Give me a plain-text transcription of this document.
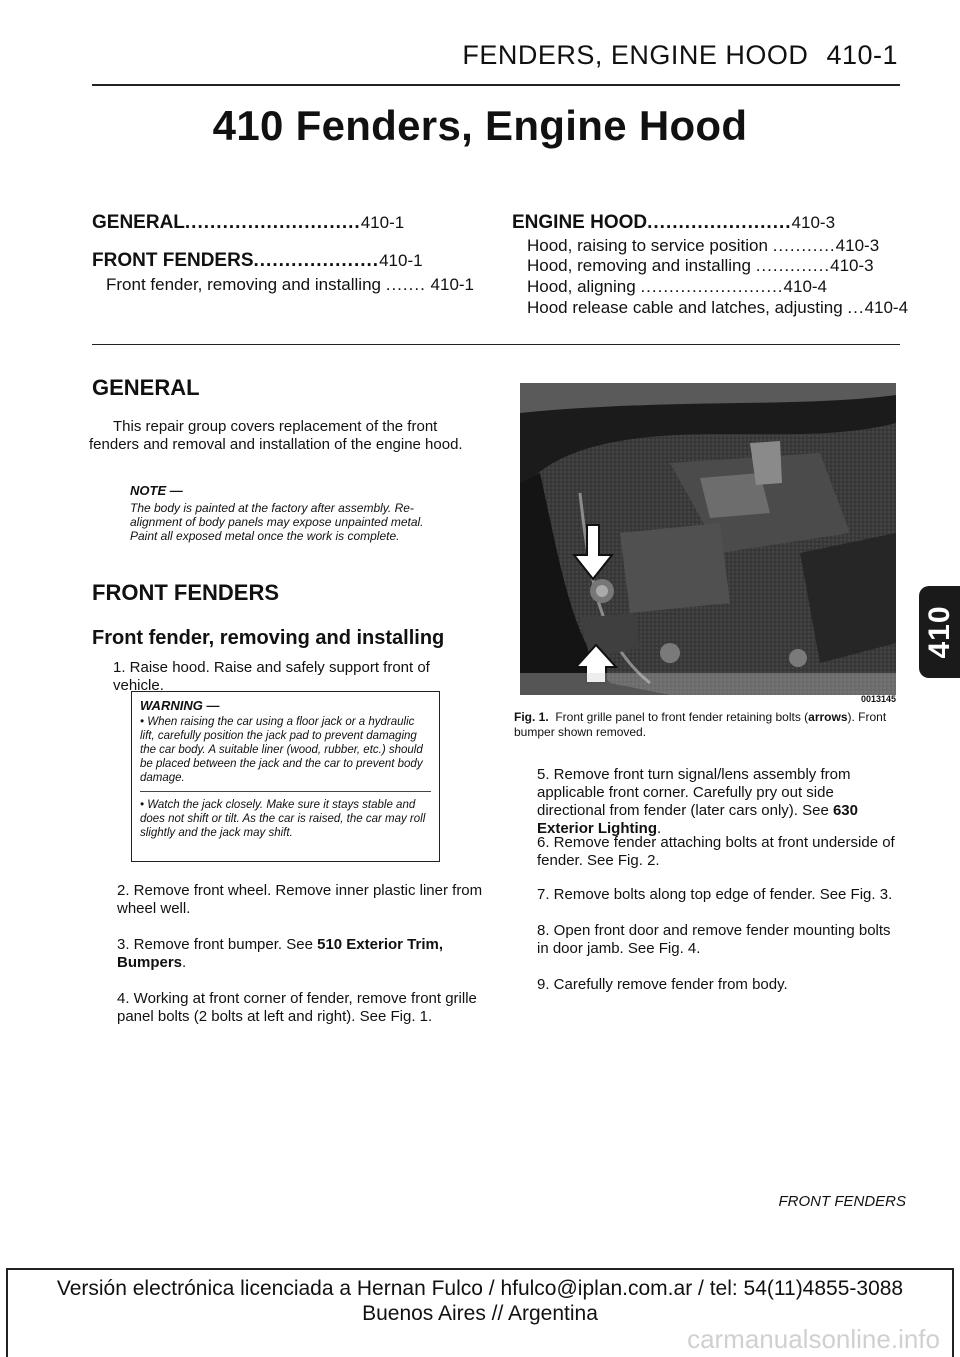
FENDERS, ENGINE HOOD 410-1
410 Fenders, Engine Hood
GENERAL............................410-1
FRONT FENDERS....................410-1
Front fender, removing and installing ....... 410-1
ENGINE HOOD.......................410-3
Hood, raising to service position ...........410-3
Hood, removing and installing .............410-3
Hood, aligning .........................410-4
Hood release cable and latches, adjusting ...410-4
GENERAL
This repair group covers replacement of the front fenders and removal and installation of the engine hood.
NOTE —
The body is painted at the factory after assembly. Re-alignment of body panels may expose unpainted metal. Paint all exposed metal once the work is complete.
FRONT FENDERS
Front fender, removing and installing
1. Raise hood. Raise and safely support front of vehicle.
WARNING —
• When raising the car using a floor jack or a hydraulic lift, carefully position the jack pad to prevent damaging the car body. A suitable liner (wood, rubber, etc.) should be placed between the jack and the car to prevent body damage.
• Watch the jack closely. Make sure it stays stable and does not shift or tilt. As the car is raised, the car may roll slightly and the jack may shift.
2. Remove front wheel. Remove inner plastic liner from wheel well.
3. Remove front bumper. See 510 Exterior Trim, Bumpers.
4. Working at front corner of fender, remove front grille panel bolts (2 bolts at left and right). See Fig. 1.
0013145
Fig. 1. Front grille panel to front fender retaining bolts (arrows). Front bumper shown removed.
5. Remove front turn signal/lens assembly from applicable front corner. Carefully pry out side directional from fender (later cars only). See 630 Exterior Lighting.
6. Remove fender attaching bolts at front underside of fender. See Fig. 2.
7. Remove bolts along top edge of fender. See Fig. 3.
8. Open front door and remove fender mounting bolts in door jamb. See Fig. 4.
9. Carefully remove fender from body.
410
FRONT FENDERS
Versión electrónica licenciada a Hernan Fulco / hfulco@iplan.com.ar / tel: 54(11)4855-3088
Buenos Aires // Argentina
carmanualsonline.info
